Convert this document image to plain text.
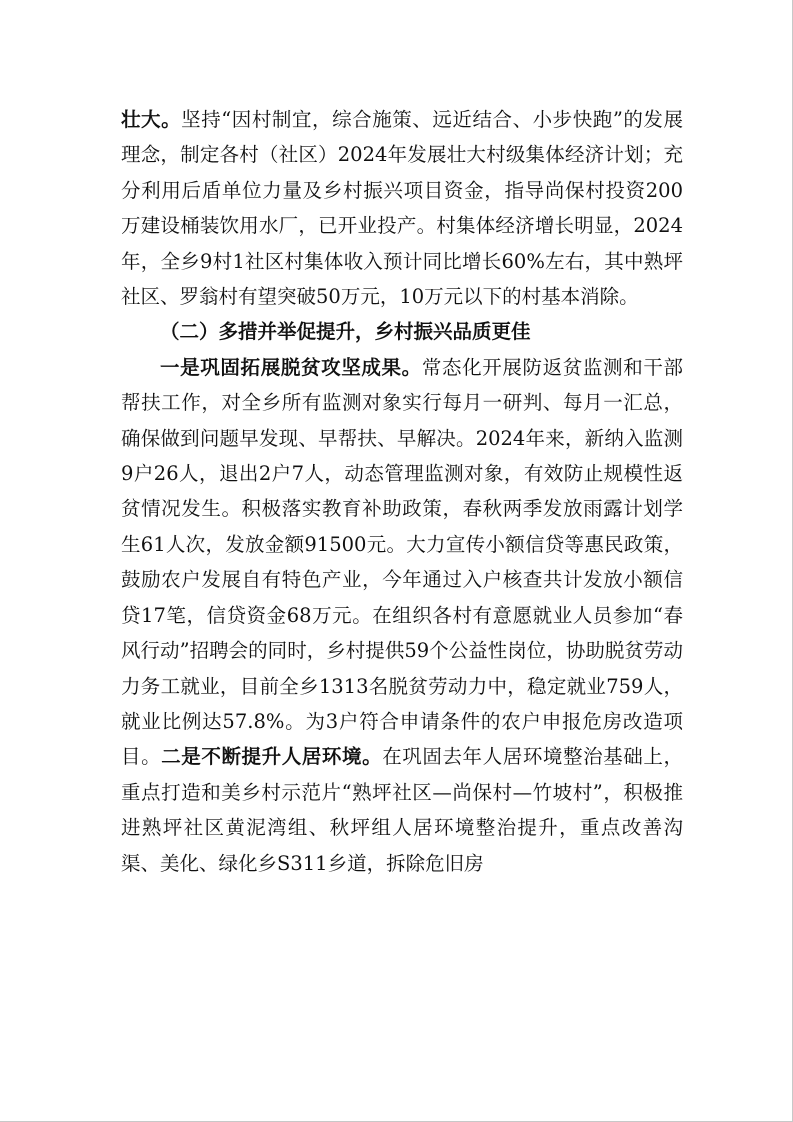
壮大。坚持“因村制宜，综合施策、远近结合、小步快跑”的发展理念，制定各村（社区）2024年发展壮大村级集体经济计划；充分利用后盾单位力量及乡村振兴项目资金，指导尚保村投资200万建设桶装饮用水厂，已开业投产。村集体经济增长明显，2024年，全乡9村1社区村集体收入预计同比增长60%左右，其中熟坪社区、罗翁村有望突破50万元，10万元以下的村基本消除。

（二）多措并举促提升，乡村振兴品质更佳

一是巩固拓展脱贫攻坚成果。常态化开展防返贫监测和干部帮扶工作，对全乡所有监测对象实行每月一研判、每月一汇总，确保做到问题早发现、早帮扶、早解决。2024年来，新纳入监测9户26人，退出2户7人，动态管理监测对象，有效防止规模性返贫情况发生。积极落实教育补助政策，春秋两季发放雨露计划学生61人次，发放金额91500元。大力宣传小额信贷等惠民政策，鼓励农户发展自有特色产业，今年通过入户核查共计发放小额信贷17笔，信贷资金68万元。在组织各村有意愿就业人员参加“春风行动”招聘会的同时，乡村提供59个公益性岗位，协助脱贫劳动力务工就业，目前全乡1313名脱贫劳动力中，稳定就业759人，就业比例达57.8%。为3户符合申请条件的农户申报危房改造项目。二是不断提升人居环境。在巩固去年人居环境整治基础上，重点打造和美乡村示范片“熟坪社区—尚保村—竹坡村”，积极推进熟坪社区黄泥湾组、秋坪组人居环境整治提升，重点改善沟渠、美化、绿化乡S311乡道，拆除危旧房
